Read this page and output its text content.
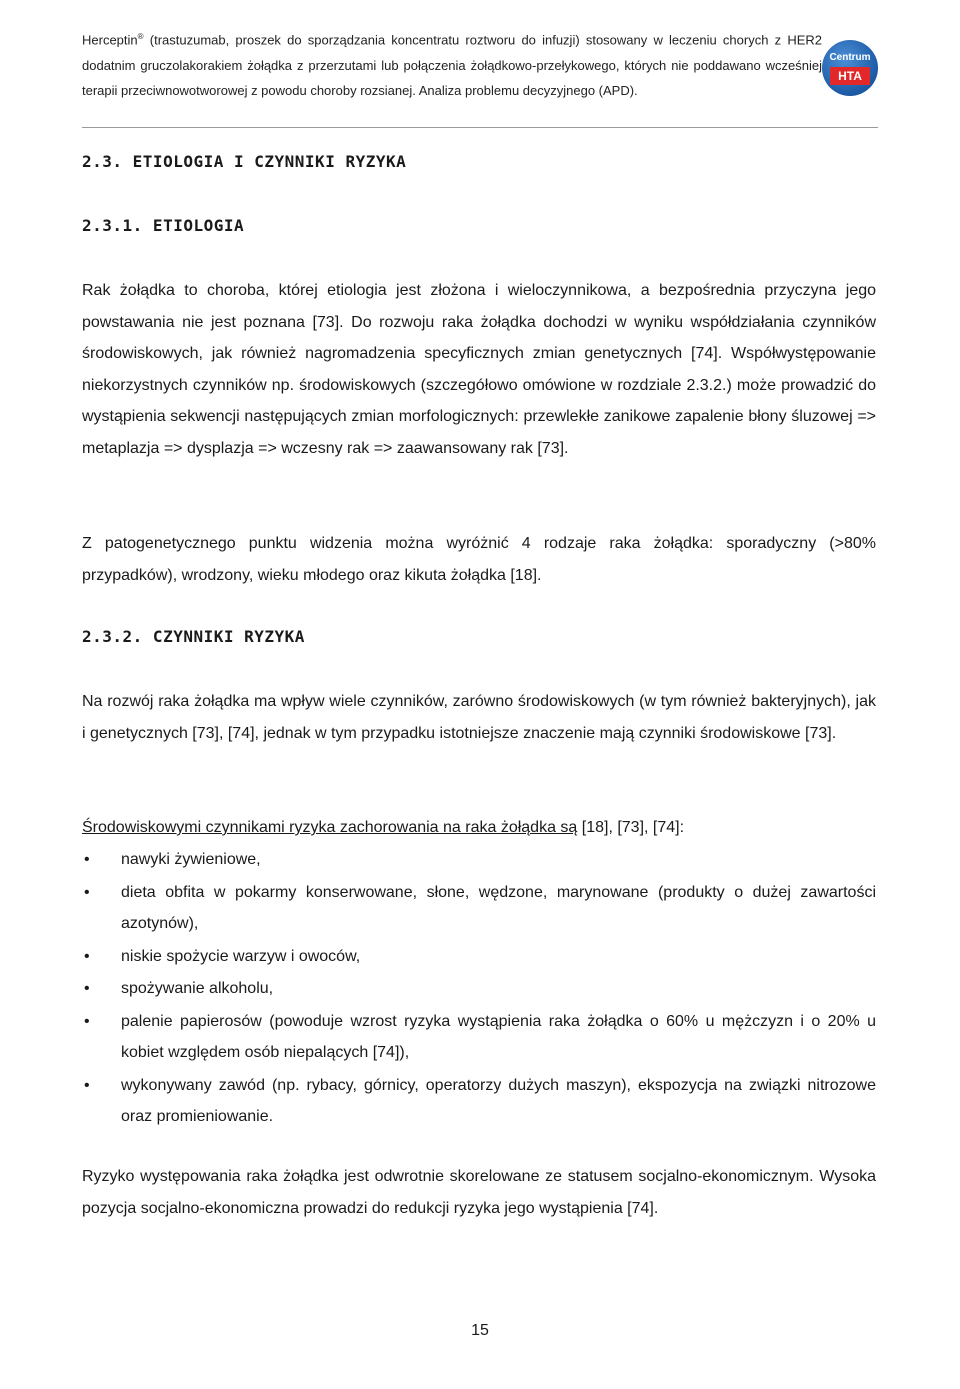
Herceptin® (trastuzumab, proszek do sporządzania koncentratu roztworu do infuzji) stosowany w leczeniu chorych z HER2 dodatnim gruczolakorakiem żołądka z przerzutami lub połączenia żołądkowo-przełykowego, których nie poddawano wcześniej terapii przeciwnowotworowej z powodu choroby rozsianej. Analiza problemu decyzyjnego (APD).
Centrum
HTA
2.3. ETIOLOGIA I CZYNNIKI RYZYKA
2.3.1. ETIOLOGIA
Rak żołądka to choroba, której etiologia jest złożona i wieloczynnikowa, a bezpośrednia przyczyna jego powstawania nie jest poznana [73]. Do rozwoju raka żołądka dochodzi w wyniku współdziałania czynników środowiskowych, jak również nagromadzenia specyficznych zmian genetycznych [74]. Współwystępowanie niekorzystnych czynników np. środowiskowych (szczegółowo omówione w rozdziale 2.3.2.) może prowadzić do wystąpienia sekwencji następujących zmian morfologicznych: przewlekłe zanikowe zapalenie błony śluzowej => metaplazja => dysplazja => wczesny rak => zaawansowany rak [73].
Z patogenetycznego punktu widzenia można wyróżnić 4 rodzaje raka żołądka: sporadyczny (>80% przypadków), wrodzony, wieku młodego oraz kikuta żołądka [18].
2.3.2. CZYNNIKI RYZYKA
Na rozwój raka żołądka ma wpływ wiele czynników, zarówno środowiskowych (w tym również bakteryjnych), jak i genetycznych [73], [74], jednak w tym przypadku istotniejsze znaczenie mają czynniki środowiskowe [73].
Środowiskowymi czynnikami ryzyka zachorowania na raka żołądka są [18], [73], [74]:
• nawyki żywieniowe,
• dieta obfita w pokarmy konserwowane, słone, wędzone, marynowane (produkty o dużej zawartości azotynów),
• niskie spożycie warzyw i owoców,
• spożywanie alkoholu,
• palenie papierosów (powoduje wzrost ryzyka wystąpienia raka żołądka o 60% u mężczyzn i o 20% u kobiet względem osób niepalących [74]),
• wykonywany zawód (np. rybacy, górnicy, operatorzy dużych maszyn), ekspozycja na związki nitrozowe oraz promieniowanie.
Ryzyko występowania raka żołądka jest odwrotnie skorelowane ze statusem socjalno-ekonomicznym. Wysoka pozycja socjalno-ekonomiczna prowadzi do redukcji ryzyka jego wystąpienia [74].
15
